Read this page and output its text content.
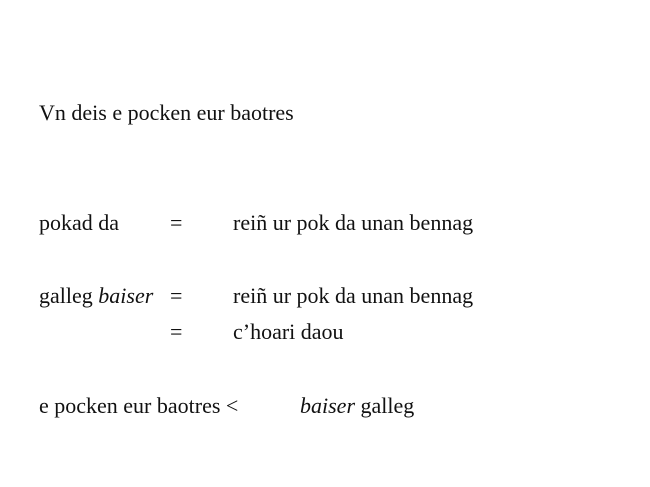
Vn deis e pocken eur baotres
pokad da = reiñ ur pok da unan bennag
galleg baiser = reiñ ur pok da unan bennag
= c’hoari daou
e pocken eur baotres <	baiser galleg
